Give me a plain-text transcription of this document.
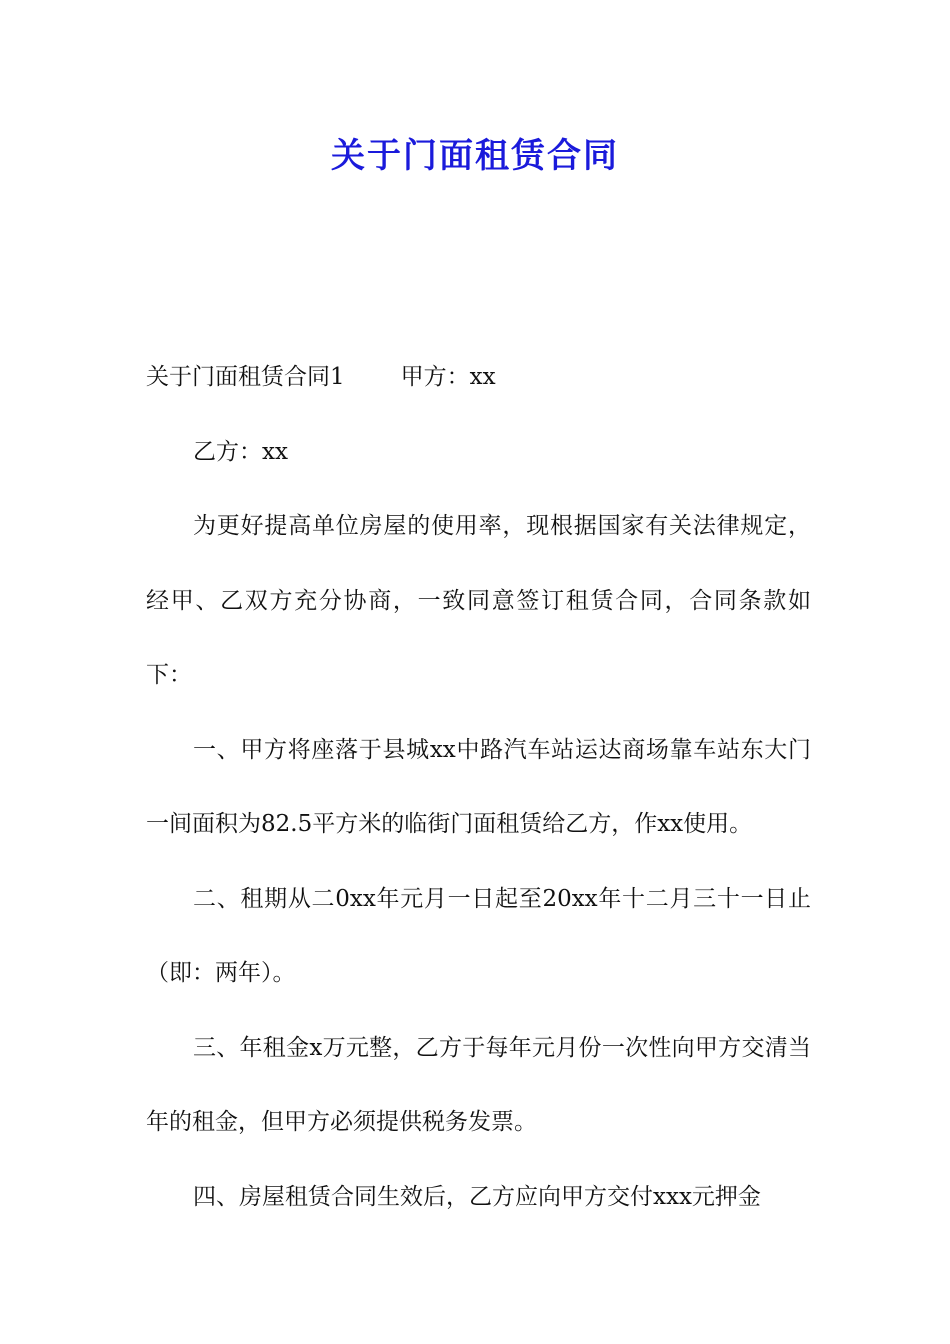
关于门面租赁合同

关于门面租赁合同1 甲方：xx

乙方：xx

为更好提高单位房屋的使用率，现根据国家有关法律规定，经甲、乙双方充分协商，一致同意签订租赁合同，合同条款如下：

一、甲方将座落于县城xx中路汽车站运达商场靠车站东大门一间面积为82.5平方米的临街门面租赁给乙方，作xx使用。

二、租期从二0xx年元月一日起至20xx年十二月三十一日止（即：两年）。

三、年租金x万元整，乙方于每年元月份一次性向甲方交清当年的租金，但甲方必须提供税务发票。

四、房屋租赁合同生效后，乙方应向甲方交付xxx元押金
